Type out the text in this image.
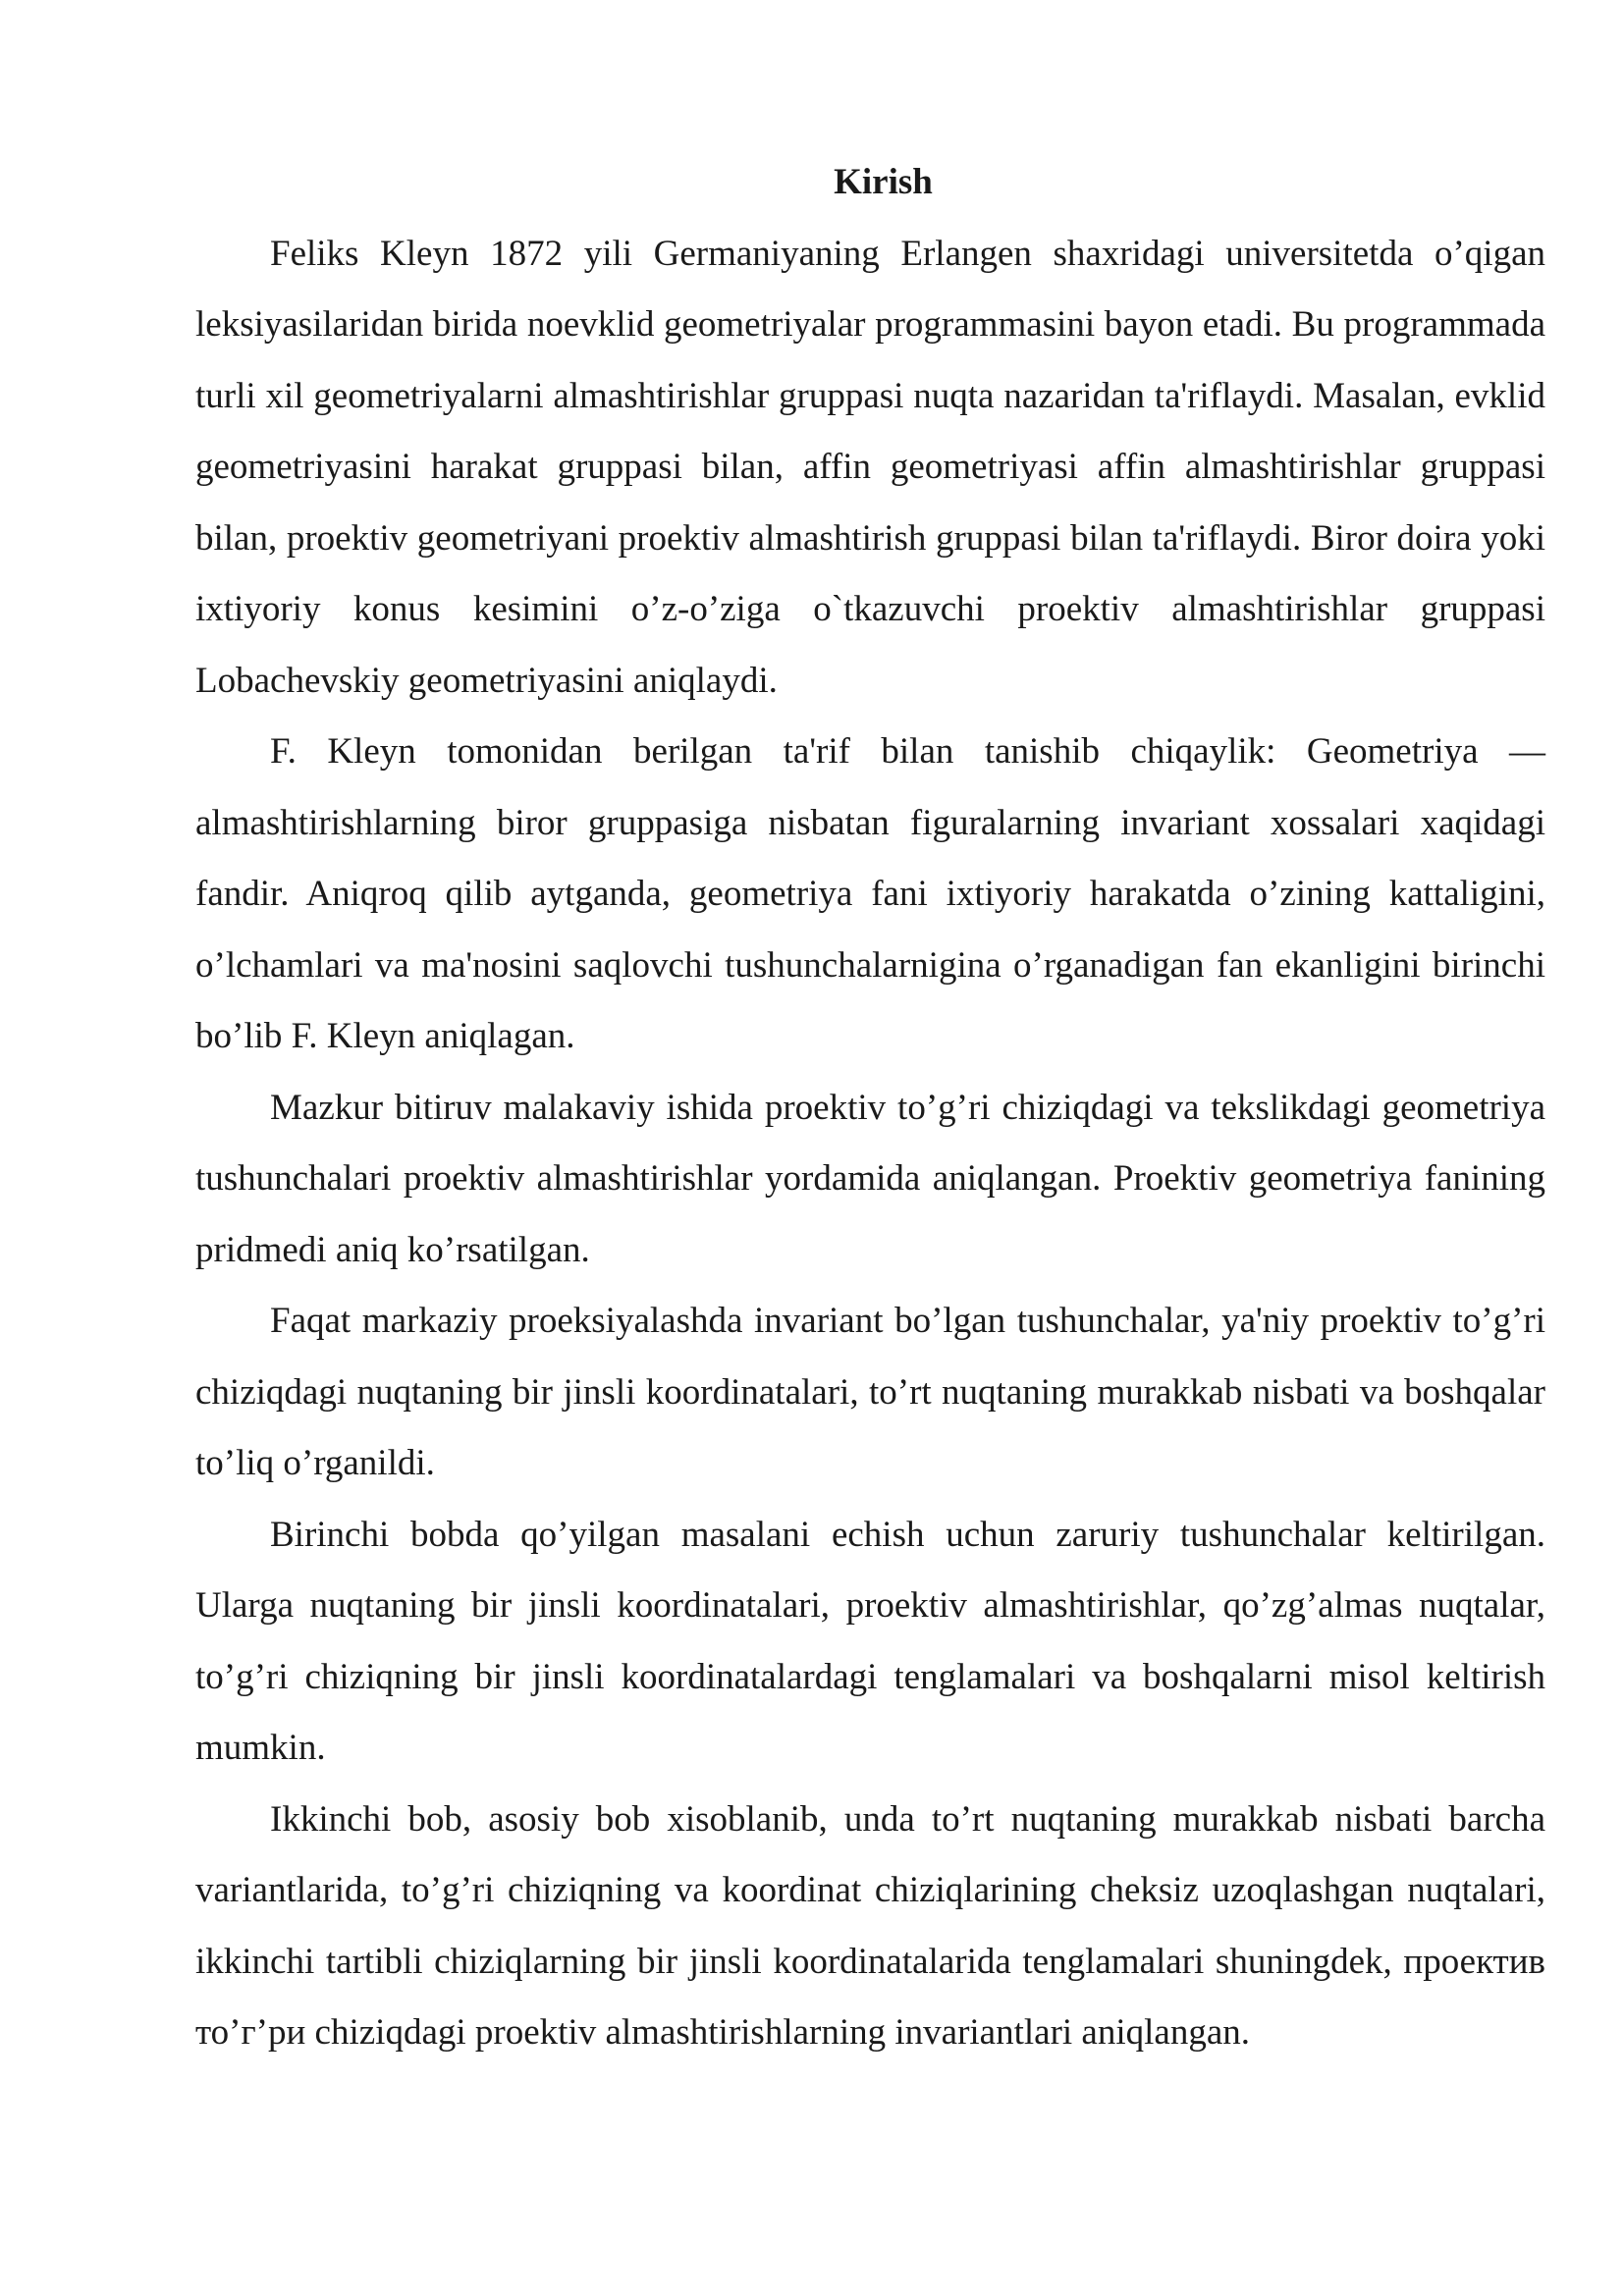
Kirish

Feliks Kleyn 1872 yili Germaniyaning Erlangen shaxridagi universitetda o’qigan leksiyasilaridan birida noevklid geometriyalar programmasini bayon etadi. Bu programmada turli xil geometriyalarni almashtirishlar gruppasi nuqta nazaridan ta'riflaydi. Masalan, evklid geometriyasini harakat gruppasi bilan, affin geometriyasi affin almashtirishlar gruppasi bilan, proektiv geometriyani proektiv almashtirish gruppasi bilan ta'riflaydi. Biror doira yoki ixtiyoriy konus kesimini o’z-o’ziga o`tkazuvchi proektiv almashtirishlar gruppasi Lobachevskiy geometriyasini aniqlaydi.

F. Kleyn tomonidan berilgan ta'rif bilan tanishib chiqaylik: Geometriya — almashtirishlarning biror gruppasiga nisbatan figuralarning invariant xossalari xaqidagi fandir. Aniqroq qilib aytganda, geometriya fani ixtiyoriy harakatda o’zining kattaligini, o’lchamlari va ma'nosini saqlovchi tushunchalarnigina o’rganadigan fan ekanligini birinchi bo’lib F. Kleyn aniqlagan.

Mazkur bitiruv malakaviy ishida proektiv to’g’ri chiziqdagi va tekslikdagi geometriya tushunchalari proektiv almashtirishlar yordamida aniqlangan. Proektiv geometriya fanining pridmedi aniq ko’rsatilgan.

Faqat markaziy proeksiyalashda invariant bo’lgan tushunchalar, ya'niy proektiv to’g’ri chiziqdagi nuqtaning bir jinsli koordinatalari, to’rt nuqtaning murakkab nisbati va boshqalar to’liq o’rganildi.

Birinchi bobda qo’yilgan masalani echish uchun zaruriy tushunchalar keltirilgan. Ularga nuqtaning bir jinsli koordinatalari, proektiv almashtirishlar, qo’zg’almas nuqtalar, to’g’ri chiziqning bir jinsli koordinatalardagi tenglamalari va boshqalarni misol keltirish mumkin.

Ikkinchi bob, asosiy bob xisoblanib, unda to’rt nuqtaning murakkab nisbati barcha variantlarida, to’g’ri chiziqning va koordinat chiziqlarining cheksiz uzoqlashgan nuqtalari, ikkinchi tartibli chiziqlarning bir jinsli koordinatalarida tenglamalari shuningdek, проектив то’г’ри chiziqdagi proektiv almashtirishlarning invariantlari aniqlangan.
